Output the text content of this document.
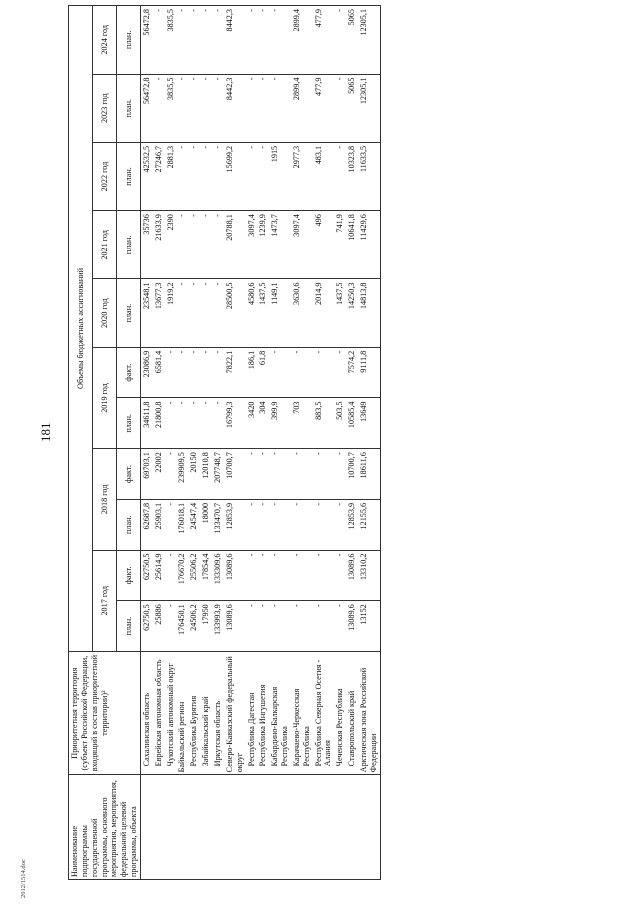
181
2012/1514.doc
Наименование подпрограммы государственной программы, основного мероприятия, мероприятия, федеральной целевой программы, объекта	Приоритетная территория (субъект Российской Федерации, входящий в состав приоритетной территории)²	Объемы бюджетных ассигнований										
		2017 год		2018 год		2019 год		2020 год	2021 год	2022 год	2023 год	2024 год
		план.	факт.	план.	факт.	план.	факт.	план.	план.	план.	план.	план.
	Сахалинская область	62750,5	62750,5	62687,8	69703,1	34611,8	23086,9	23548,1	35736	42532,5	56472,8	56472,8
	Еврейская автономная область	25886	25614,9	25903,1	22002	21800,8	6581,4	13677,3	21633,9	27246,7	-	-
	Чукотский автономный округ	-	-	-	-	-	-	1919,2	2390	2881,3	3835,5	3835,5
	Байкальский регион	176450,1	176670,2	176018,1	239909,5	-	-	-	-	-	-	-
	Республика Бурятия	24506,2	25506,2	24547,4	20150	-	-	-	-	-	-	-
	Забайкальский край	17950	17854,4	18000	12010,8	-	-	-	-	-	-	-
	Иркутская область	133993,9	133309,6	133470,7	207748,7	-	-	-	-	-	-	-
	Северо-Кавказский федеральный округ	13089,6	13089,6	12853,9	10700,7	16799,3	7822,1	28500,5	20788,1	15699,2	8442,3	8442,3
	Республика Дагестан	-	-	-	-	3420	186,1	4580,6	3097,4	-	-	-
	Республика Ингушетия	-	-	-	-	304	61,8	1437,5	1239,9	-	-	-
	Кабардино-Балкарская Республика	-	-	-	-	399,9	-	1149,1	1473,7	1915	-	-
	Карачаево-Черкесская Республика	-	-	-	-	703	-	3630,6	3097,4	2977,3	2899,4	2899,4
	Республика Северная Осетия - Алания	-	-	-	-	883,5	-	2014,9	496	483,1	477,9	477,9
	Чеченская Республика	-	-	-	-	503,5	-	1437,5	741,9	-	-	-
	Ставропольский край	13089,6	13089,6	12853,9	10700,7	10585,4	7574,2	14250,3	10641,8	10323,8	5065	5065
	Арктическая зона Российской Федерации	13152	13310,2	12155,6	18611,6	13649	9111,8	14813,8	11429,6	11633,5	12305,1	12305,1
